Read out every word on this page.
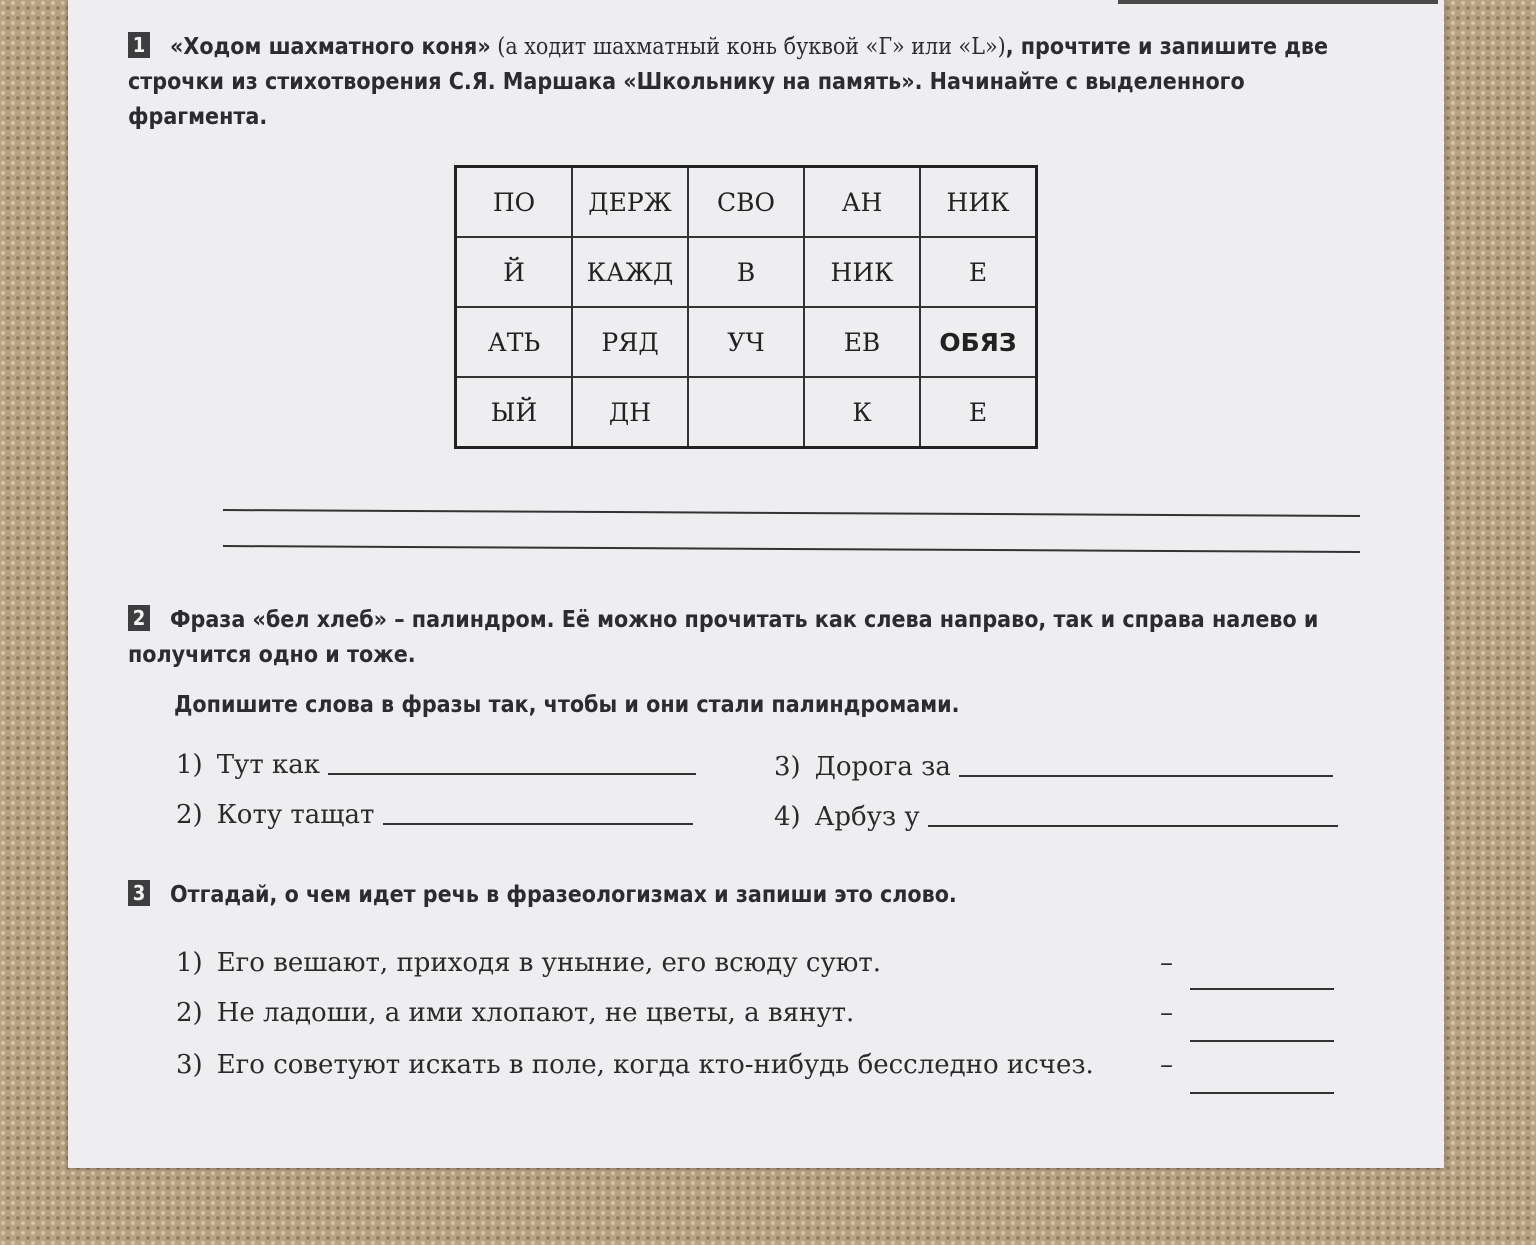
1 «Ходом шахматного коня» (а ходит шахматный конь буквой «Г» или «L»), прочтите и запишите две строчки из стихотворения С.Я. Маршака «Школьнику на память». Начинайте с выделенного фрагмента.
ПО	ДЕРЖ	СВО	АН	НИК
Й	КАЖД	В	НИК	Е
АТЬ	РЯД	УЧ	ЕВ	ОБЯЗ
ЫЙ	ДН		К	Е
2 Фраза «бел хлеб» – палиндром. Её можно прочитать как слева направо, так и справа налево и получится одно и тоже.
Допишите слова в фразы так, чтобы и они стали палиндромами.
1) Тут как
2) Коту тащат
3) Дорога за
4) Арбуз у
3 Отгадай, о чем идет речь в фразеологизмах и запиши это слово.
1) Его вешают, приходя в уныние, его всюду суют.	–
2) Не ладоши, а ими хлопают, не цветы, а вянут.	–
3) Его советуют искать в поле, когда кто-нибудь бесследно исчез.	–
